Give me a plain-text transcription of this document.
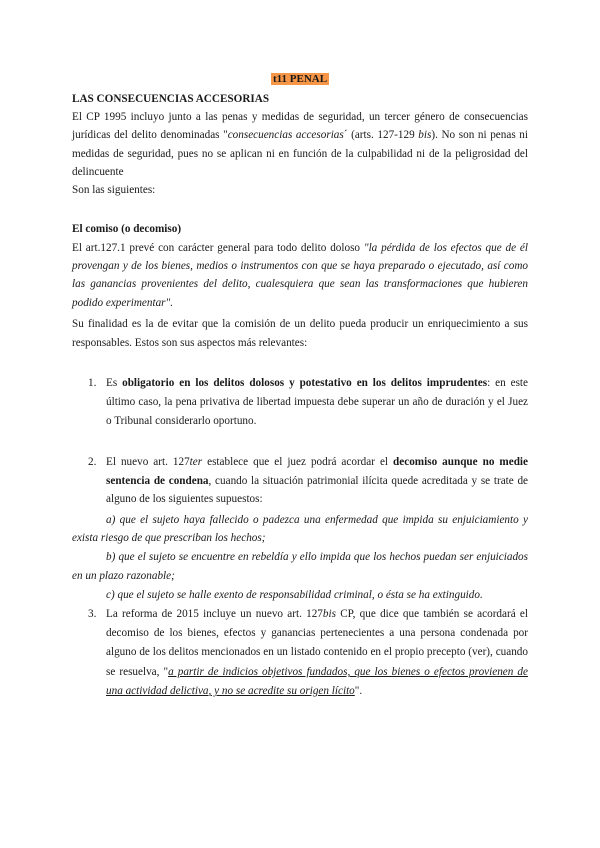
t11 PENAL
LAS CONSECUENCIAS ACCESORIAS
El CP 1995 incluyo junto a las penas y medidas de seguridad, un tercer género de consecuencias
jurídicas del delito denominadas "consecuencias accesorias´ (arts. 127-129 bis). No son ni penas ni
medidas de seguridad, pues no se aplican ni en función de la culpabilidad ni de la peligrosidad del
delincuente
Son las siguientes:
El comiso (o decomiso)
El art.127.1 prevé con carácter general para todo delito doloso "la pérdida de los efectos que de él
provengan y de los bienes, medios o instrumentos con que se haya preparado o ejecutado, así como
las ganancias provenientes del delito, cualesquiera que sean las transformaciones que hubieren
podido experimentar".
Su finalidad es la de evitar que la comisión de un delito pueda producir un enriquecimiento a sus
responsables. Estos son sus aspectos más relevantes:
1. Es obligatorio en los delitos dolosos y potestativo en los delitos imprudentes: en este
último caso, la pena privativa de libertad impuesta debe superar un año de duración y el Juez
o Tribunal considerarlo oportuno.
2. El nuevo art. 127ter establece que el juez podrá acordar el decomiso aunque no medie
sentencia de condena, cuando la situación patrimonial ilícita quede acreditada y se trate de
alguno de los siguientes supuestos:
a) que el sujeto haya fallecido o padezca una enfermedad que impida su enjuiciamiento y
exista riesgo de que prescriban los hechos;
b) que el sujeto se encuentre en rebeldía y ello impida que los hechos puedan ser enjuiciados
en un plazo razonable;
c) que el sujeto se halle exento de responsabilidad criminal, o ésta se ha extinguido.
3. La reforma de 2015 incluye un nuevo art. 127bis CP, que dice que también se acordará el
decomiso de los bienes, efectos y ganancias pertenecientes a una persona condenada por
alguno de los delitos mencionados en un listado contenido en el propio precepto (ver), cuando
se resuelva, "a partir de indicios objetivos fundados, que los bienes o efectos provienen de
una actividad delictiva, y no se acredite su origen lícito".
